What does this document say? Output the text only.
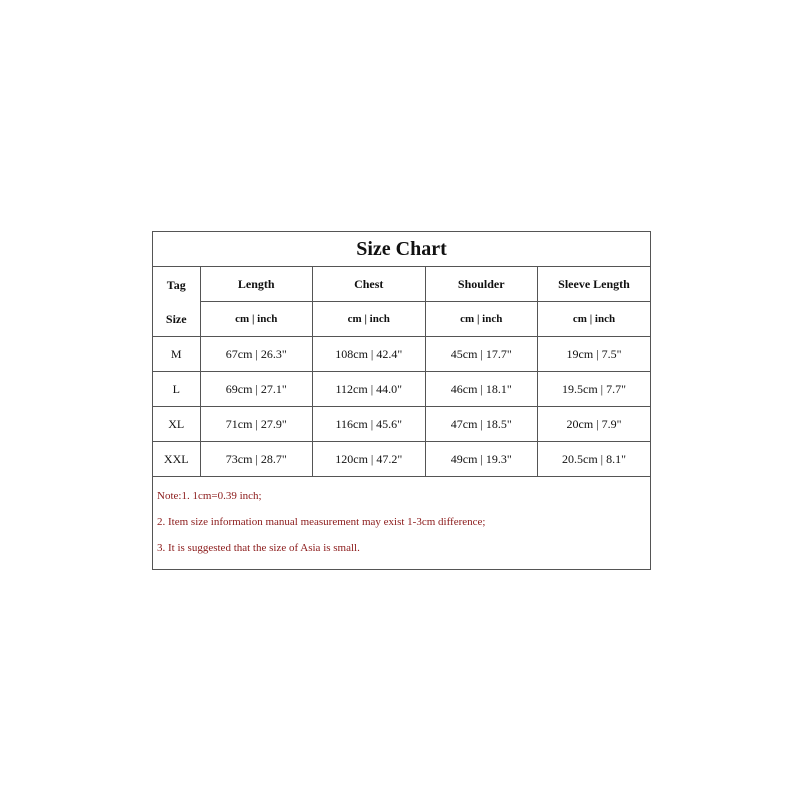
Size Chart
Tag
Size	Length	Chest	Shoulder	Sleeve Length
	cm | inch	cm | inch	cm | inch	cm | inch
M	67cm | 26.3"	108cm | 42.4"	45cm | 17.7"	19cm | 7.5"
L	69cm | 27.1"	112cm | 44.0"	46cm | 18.1"	19.5cm | 7.7"
XL	71cm | 27.9"	116cm | 45.6"	47cm | 18.5"	20cm | 7.9"
XXL	73cm | 28.7"	120cm | 47.2"	49cm | 19.3"	20.5cm | 8.1"
Note:1. 1cm=0.39 inch;
2. Item size information manual measurement may exist 1-3cm difference;
3. It is suggested that the size of Asia is small.
